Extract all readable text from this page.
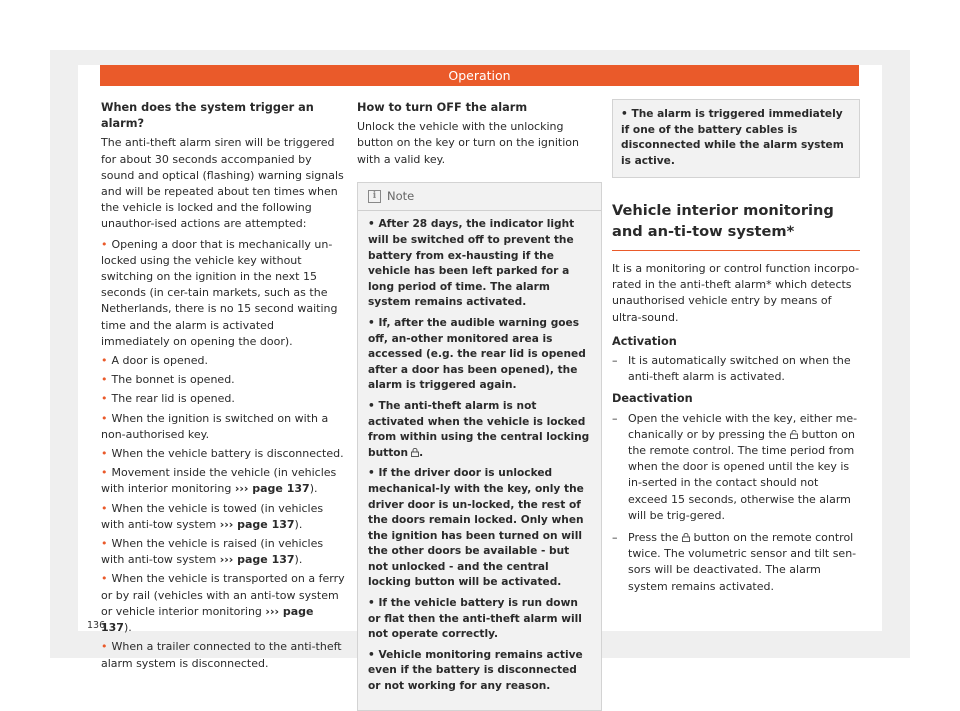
Operation

When does the system trigger an alarm?

The anti-theft alarm siren will be triggered for about 30 seconds accompanied by sound and optical (flashing) warning signals and will be repeated about ten times when the vehicle is locked and the following unauthor-ised actions are attempted:

• Opening a door that is mechanically un-locked using the vehicle key without switching on the ignition in the next 15 seconds (in cer-tain markets, such as the Netherlands, there is no 15 second waiting time and the alarm is activated immediately on opening the door).
• A door is opened.
• The bonnet is opened.
• The rear lid is opened.
• When the ignition is switched on with a non-authorised key.
• When the vehicle battery is disconnected.
• Movement inside the vehicle (in vehicles with interior monitoring ››› page 137).
• When the vehicle is towed (in vehicles with anti-tow system ››› page 137).
• When the vehicle is raised (in vehicles with anti-tow system ››› page 137).
• When the vehicle is transported on a ferry or by rail (vehicles with an anti-tow system or vehicle interior monitoring ››› page 137).
• When a trailer connected to the anti-theft alarm system is disconnected.

How to turn OFF the alarm

Unlock the vehicle with the unlocking button on the key or turn on the ignition with a valid key.

i Note
• After 28 days, the indicator light will be switched off to prevent the battery from ex-hausting if the vehicle has been left parked for a long period of time. The alarm system remains activated.
• If, after the audible warning goes off, an-other monitored area is accessed (e.g. the rear lid is opened after a door has been opened), the alarm is triggered again.
• The anti-theft alarm is not activated when the vehicle is locked from within using the central locking button .
• If the driver door is unlocked mechanical-ly with the key, only the driver door is un-locked, the rest of the doors remain locked. Only when the ignition has been turned on will the other doors be available - but not unlocked - and the central locking button will be activated.
• If the vehicle battery is run down or flat then the anti-theft alarm will not operate correctly.
• Vehicle monitoring remains active even if the battery is disconnected or not working for any reason.
• The alarm is triggered immediately if one of the battery cables is disconnected while the alarm system is active.
Vehicle interior monitoring and an-ti-tow system*

It is a monitoring or control function incorpo-rated in the anti-theft alarm* which detects unauthorised vehicle entry by means of ultra-sound.

Activation

– It is automatically switched on when the anti-theft alarm is activated.

Deactivation

– Open the vehicle with the key, either me-chanically or by pressing the button on the remote control. The time period from when the door is opened until the key is in-serted in the contact should not exceed 15 seconds, otherwise the alarm will be trig-gered.
– Press the button on the remote control twice. The volumetric sensor and tilt sen-sors will be deactivated. The alarm system remains activated.
136
